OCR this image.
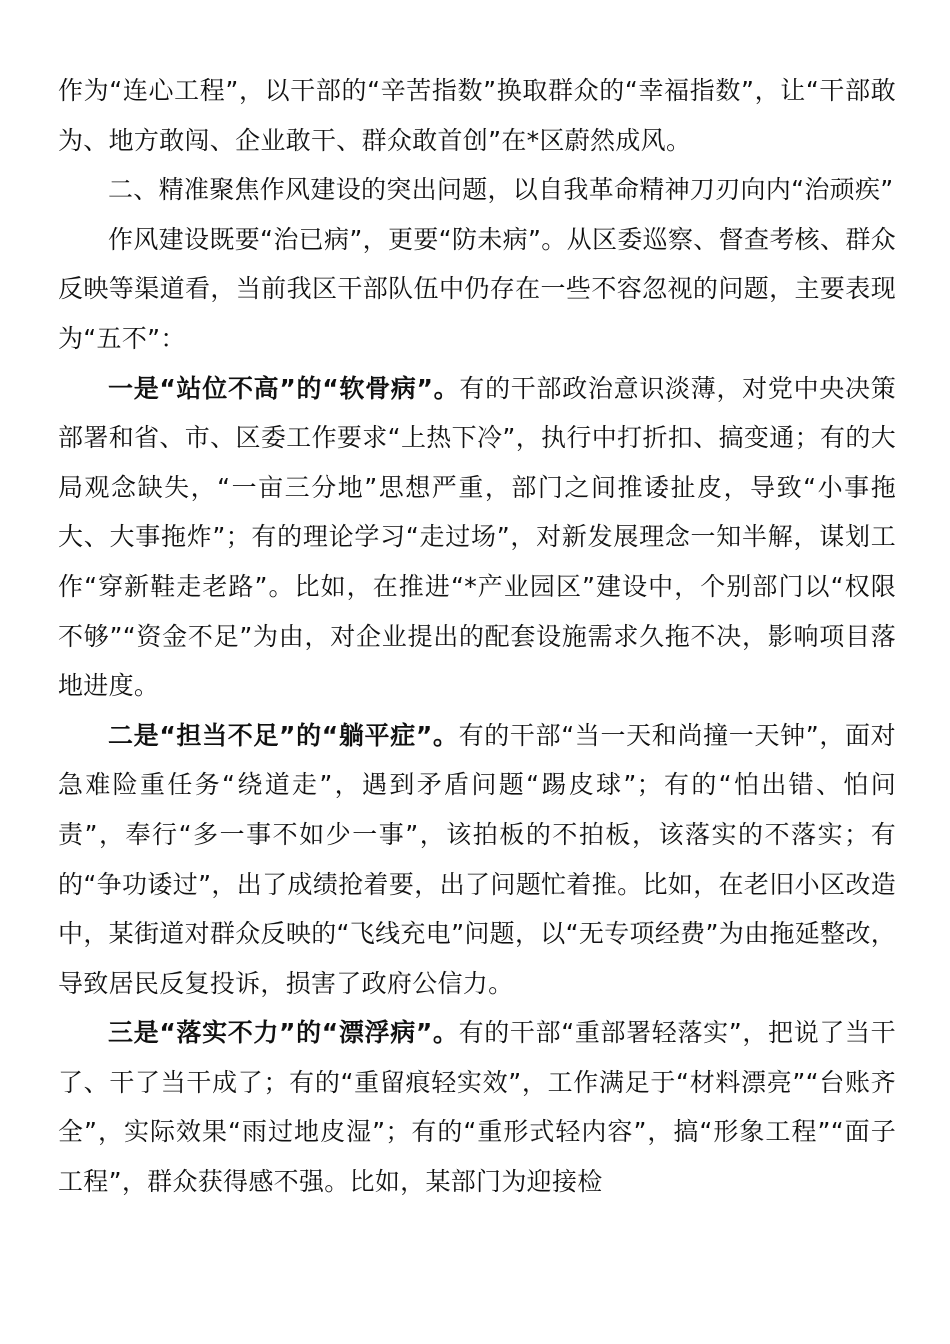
作为“连心工程”，以干部的“辛苦指数”换取群众的“幸福指数”，让“干部敢为、地方敢闯、企业敢干、群众敢首创”在*区蔚然成风。

二、精准聚焦作风建设的突出问题，以自我革命精神刀刃向内“治顽疾”

作风建设既要“治已病”，更要“防未病”。从区委巡察、督查考核、群众反映等渠道看，当前我区干部队伍中仍存在一些不容忽视的问题，主要表现为“五不”：

一是“站位不高”的“软骨病”。有的干部政治意识淡薄，对党中央决策部署和省、市、区委工作要求“上热下冷”，执行中打折扣、搞变通；有的大局观念缺失，“一亩三分地”思想严重，部门之间推诿扯皮，导致“小事拖大、大事拖炸”；有的理论学习“走过场”，对新发展理念一知半解，谋划工作“穿新鞋走老路”。比如，在推进“*产业园区”建设中，个别部门以“权限不够”“资金不足”为由，对企业提出的配套设施需求久拖不决，影响项目落地进度。

二是“担当不足”的“躺平症”。有的干部“当一天和尚撞一天钟”，面对急难险重任务“绕道走”，遇到矛盾问题“踢皮球”；有的“怕出错、怕问责”，奉行“多一事不如少一事”，该拍板的不拍板，该落实的不落实；有的“争功诿过”，出了成绩抢着要，出了问题忙着推。比如，在老旧小区改造中，某街道对群众反映的“飞线充电”问题，以“无专项经费”为由拖延整改，导致居民反复投诉，损害了政府公信力。

三是“落实不力”的“漂浮病”。有的干部“重部署轻落实”，把说了当干了、干了当干成了；有的“重留痕轻实效”，工作满足于“材料漂亮”“台账齐全”，实际效果“雨过地皮湿”；有的“重形式轻内容”，搞“形象工程”“面子工程”，群众获得感不强。比如，某部门为迎接检
